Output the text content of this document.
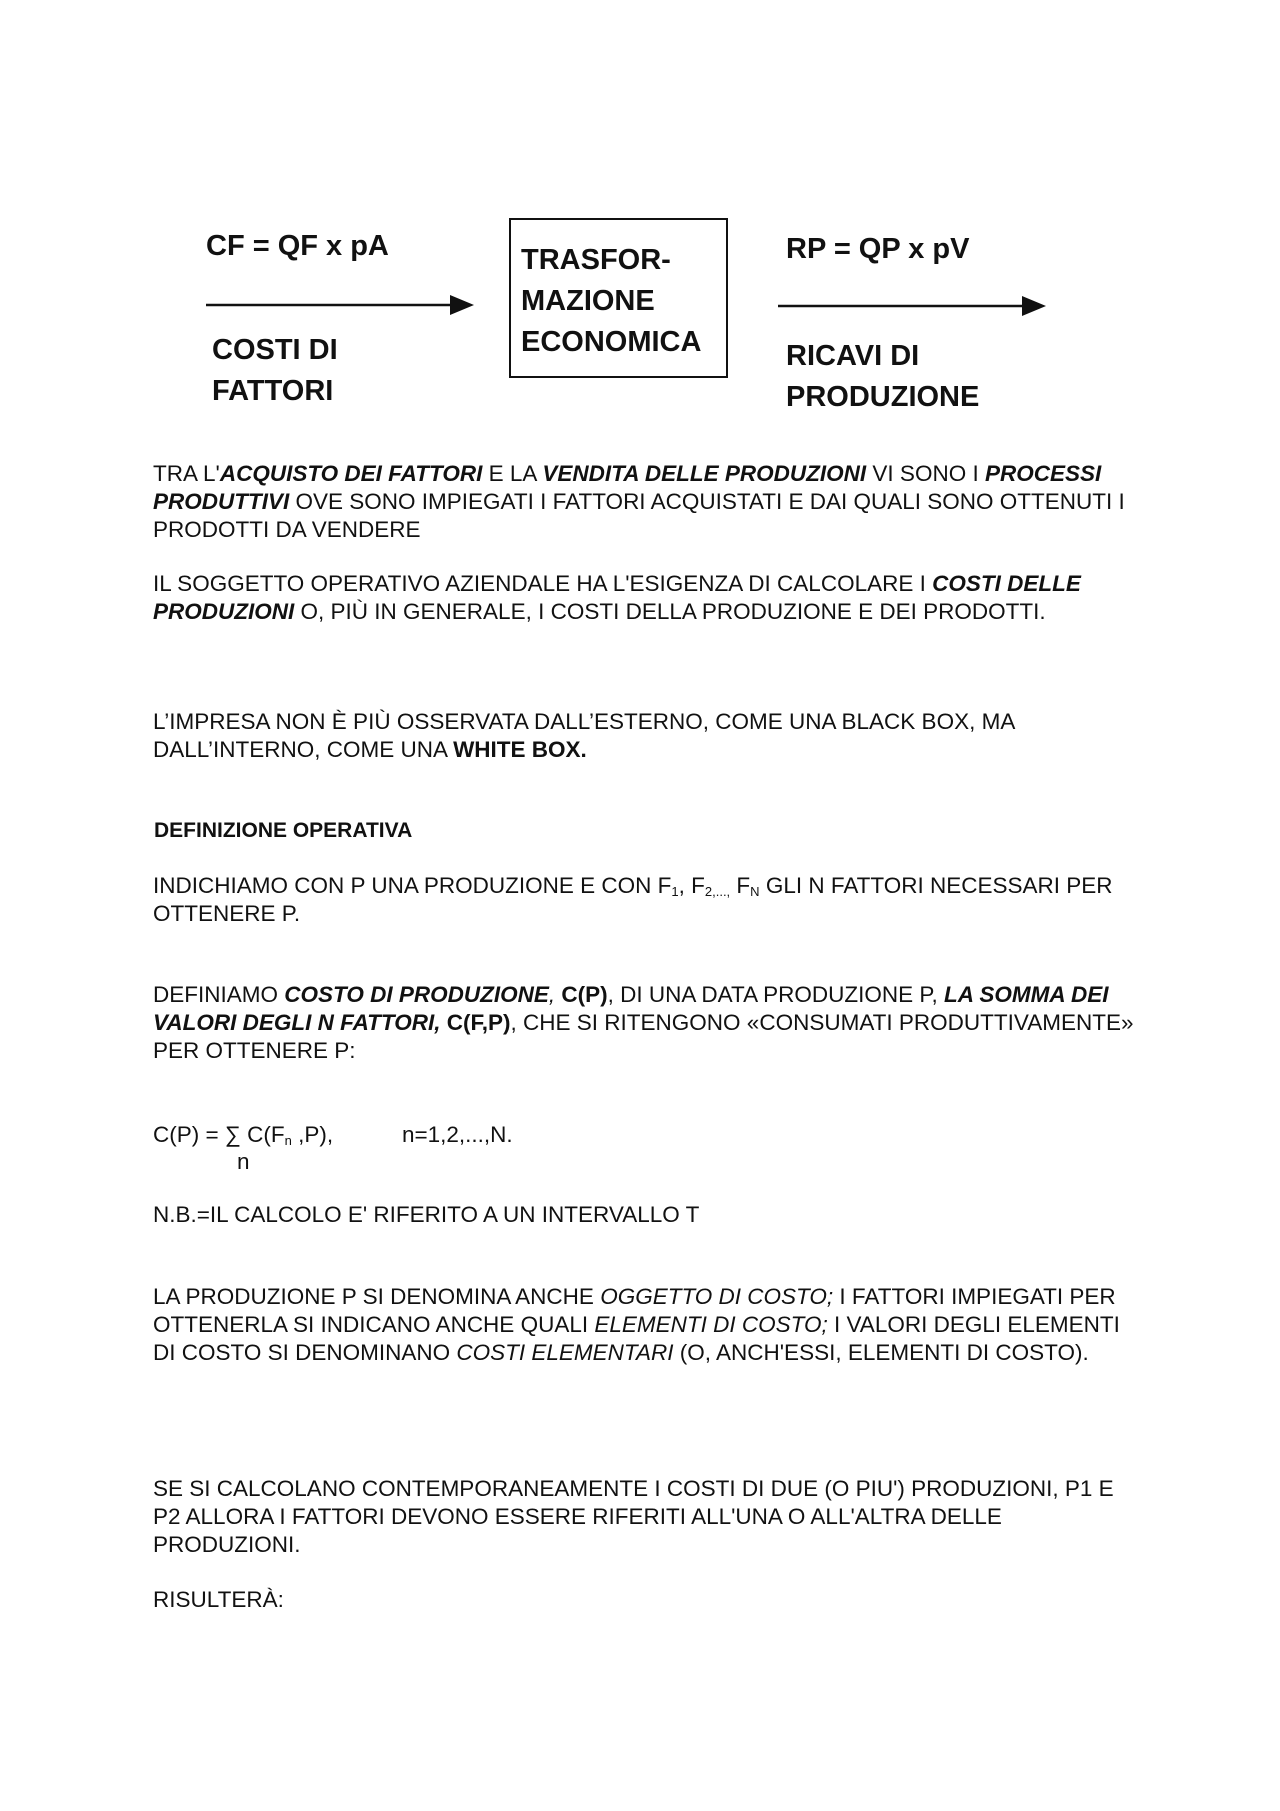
CF = QF x pA
COSTI DI
FATTORI
TRASFOR-
MAZIONE
ECONOMICA
RP = QP x pV
RICAVI DI
PRODUZIONE
TRA L'ACQUISTO DEI FATTORI E LA VENDITA DELLE PRODUZIONI VI SONO I PROCESSI PRODUTTIVI OVE SONO IMPIEGATI I FATTORI ACQUISTATI E DAI QUALI SONO OTTENUTI I PRODOTTI DA VENDERE
IL SOGGETTO OPERATIVO AZIENDALE HA L'ESIGENZA DI CALCOLARE I COSTI DELLE PRODUZIONI O, PIÙ IN GENERALE, I COSTI DELLA PRODUZIONE E DEI PRODOTTI.
L’IMPRESA NON È PIÙ OSSERVATA DALL’ESTERNO, COME UNA BLACK BOX, MA DALL’INTERNO, COME UNA WHITE BOX.
DEFINIZIONE OPERATIVA
INDICHIAMO CON P UNA PRODUZIONE E CON $F_1$, $F_{2,...,}$ $F_N$ GLI N FATTORI NECESSARI PER OTTENERE P.
DEFINIAMO COSTO DI PRODUZIONE, C(P), DI UNA DATA PRODUZIONE P, LA SOMMA DEI VALORI DEGLI N FATTORI, C(F,P), CHE SI RITENGONO «CONSUMATI PRODUTTIVAMENTE» PER OTTENERE P:
C(P) = ∑ $C(F_n$ ,P),	n=1,2,...,N.
n
N.B.=IL CALCOLO E' RIFERITO A UN INTERVALLO T
LA PRODUZIONE P SI DENOMINA ANCHE OGGETTO DI COSTO; I FATTORI IMPIEGATI PER OTTENERLA SI INDICANO ANCHE QUALI ELEMENTI DI COSTO; I VALORI DEGLI ELEMENTI DI COSTO SI DENOMINANO COSTI ELEMENTARI (O, ANCH'ESSI, ELEMENTI DI COSTO).
SE SI CALCOLANO CONTEMPORANEAMENTE I COSTI DI DUE (O PIU') PRODUZIONI, P1 E P2 ALLORA I FATTORI DEVONO ESSERE RIFERITI ALL'UNA O ALL'ALTRA DELLE PRODUZIONI.
RISULTERÀ:
